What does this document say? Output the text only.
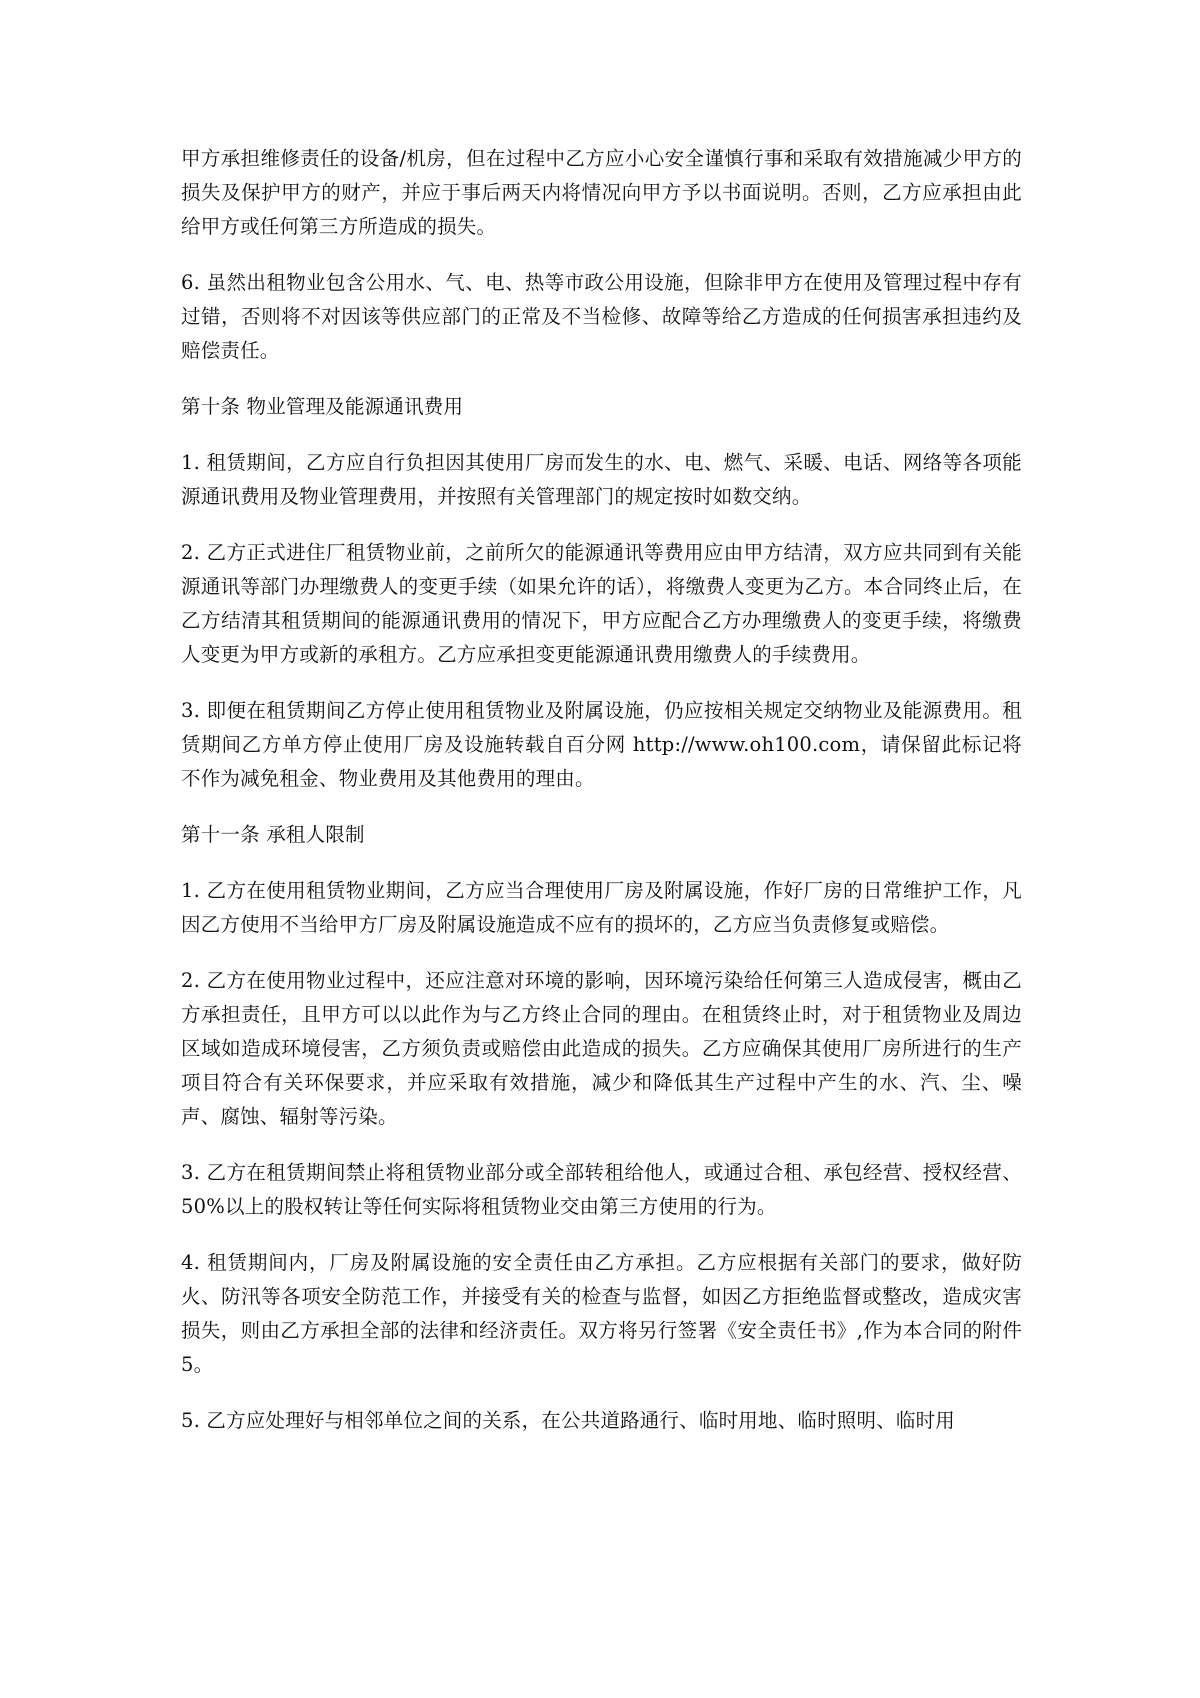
甲方承担维修责任的设备/机房，但在过程中乙方应小心安全谨慎行事和采取有效措施减少甲方的损失及保护甲方的财产，并应于事后两天内将情况向甲方予以书面说明。否则，乙方应承担由此给甲方或任何第三方所造成的损失。

6. 虽然出租物业包含公用水、气、电、热等市政公用设施，但除非甲方在使用及管理过程中存有过错，否则将不对因该等供应部门的正常及不当检修、故障等给乙方造成的任何损害承担违约及赔偿责任。

第十条 物业管理及能源通讯费用

1. 租赁期间，乙方应自行负担因其使用厂房而发生的水、电、燃气、采暖、电话、网络等各项能源通讯费用及物业管理费用，并按照有关管理部门的规定按时如数交纳。

2. 乙方正式进住厂租赁物业前，之前所欠的能源通讯等费用应由甲方结清，双方应共同到有关能源通讯等部门办理缴费人的变更手续（如果允许的话），将缴费人变更为乙方。本合同终止后，在乙方结清其租赁期间的能源通讯费用的情况下，甲方应配合乙方办理缴费人的变更手续，将缴费人变更为甲方或新的承租方。乙方应承担变更能源通讯费用缴费人的手续费用。

3. 即便在租赁期间乙方停止使用租赁物业及附属设施，仍应按相关规定交纳物业及能源费用。租赁期间乙方单方停止使用厂房及设施转载自百分网 http://www.oh100.com，请保留此标记将不作为减免租金、物业费用及其他费用的理由。

第十一条 承租人限制

1. 乙方在使用租赁物业期间，乙方应当合理使用厂房及附属设施，作好厂房的日常维护工作，凡因乙方使用不当给甲方厂房及附属设施造成不应有的损坏的，乙方应当负责修复或赔偿。

2. 乙方在使用物业过程中，还应注意对环境的影响，因环境污染给任何第三人造成侵害，概由乙方承担责任，且甲方可以以此作为与乙方终止合同的理由。在租赁终止时，对于租赁物业及周边区域如造成环境侵害，乙方须负责或赔偿由此造成的损失。乙方应确保其使用厂房所进行的生产项目符合有关环保要求，并应采取有效措施，减少和降低其生产过程中产生的水、汽、尘、噪声、腐蚀、辐射等污染。

3. 乙方在租赁期间禁止将租赁物业部分或全部转租给他人，或通过合租、承包经营、授权经营、50%以上的股权转让等任何实际将租赁物业交由第三方使用的行为。

4. 租赁期间内，厂房及附属设施的安全责任由乙方承担。乙方应根据有关部门的要求，做好防火、防汛等各项安全防范工作，并接受有关的检查与监督，如因乙方拒绝监督或整改，造成灾害损失，则由乙方承担全部的法律和经济责任。双方将另行签署《安全责任书》,作为本合同的附件 5。

5. 乙方应处理好与相邻单位之间的关系，在公共道路通行、临时用地、临时照明、临时用
